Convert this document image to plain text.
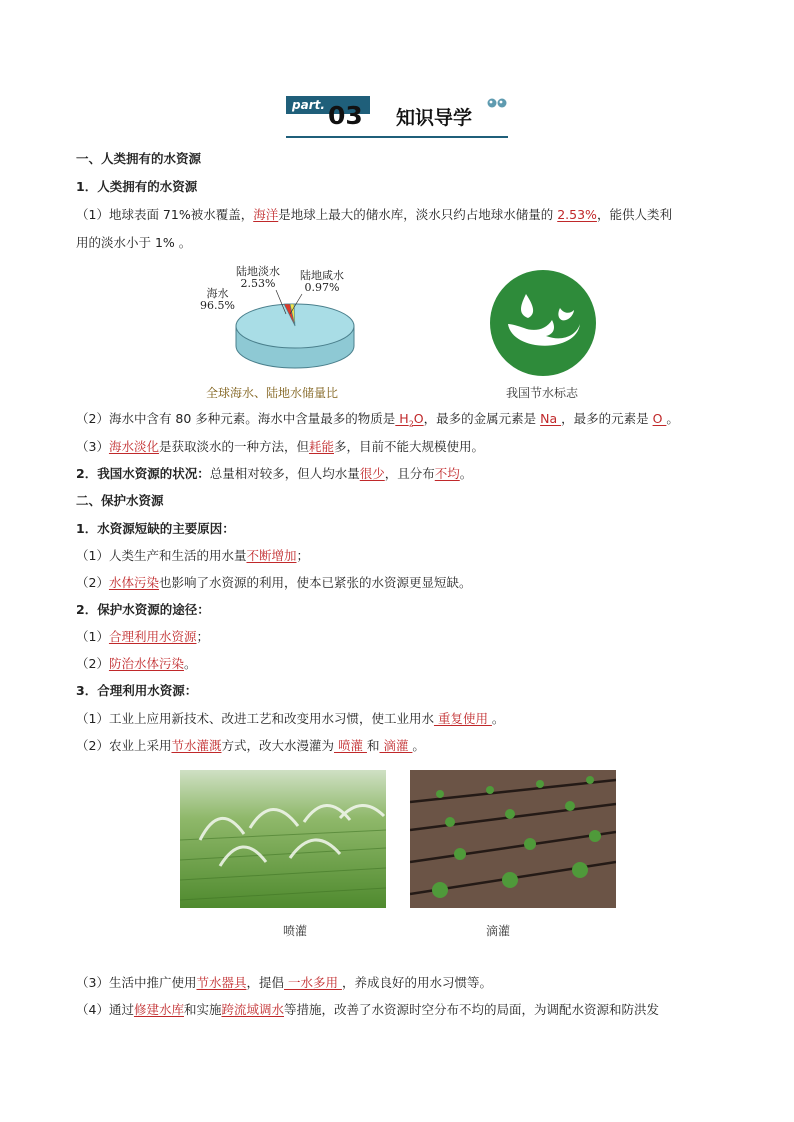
part. 03 知识导学
一、人类拥有的水资源
1．人类拥有的水资源
（1）地球表面 71%被水覆盖，海洋是地球上最大的储水库，淡水只约占地球水储量的 2.53%，能供人类利
用的淡水小于 1% 。
陆地淡水
2.53%
陆地咸水
0.97%
海水
96.5%
全球海水、陆地水储量比	我国节水标志
（2）海水中含有 80 多种元素。海水中含量最多的物质是 $H_2O$，最多的金属元素是 Na ，最多的元素是 O 。
（3）海水淡化是获取淡水的一种方法，但耗能多，目前不能大规模使用。
2．我国水资源的状况：总量相对较多，但人均水量很少，且分布不均。
二、保护水资源
1．水资源短缺的主要原因：
（1）人类生产和生活的用水量不断增加；
（2）水体污染也影响了水资源的利用，使本已紧张的水资源更显短缺。
2．保护水资源的途径：
（1）合理利用水资源；
（2）防治水体污染。
3．合理利用水资源：
（1）工业上应用新技术、改进工艺和改变用水习惯，使工业用水 重复使用 。
（2）农业上采用节水灌溉方式，改大水漫灌为 喷灌 和 滴灌 。
喷灌	滴灌
（3）生活中推广使用节水器具，提倡 一水多用 ，养成良好的用水习惯等。
（4）通过修建水库和实施跨流域调水等措施，改善了水资源时空分布不均的局面，为调配水资源和防洪发
